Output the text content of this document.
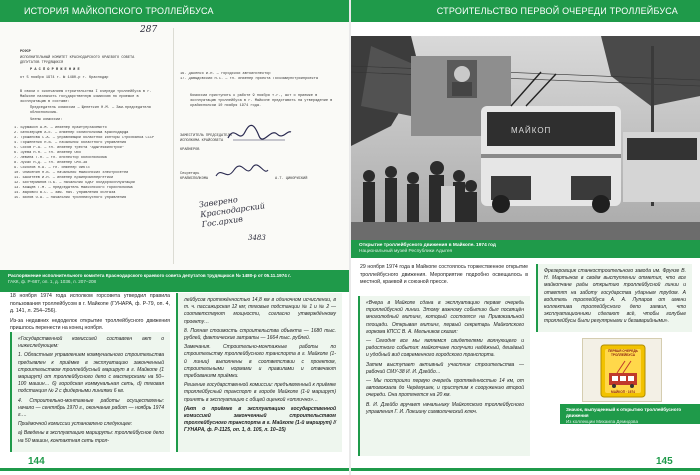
ИСТОРИЯ МАЙКОПСКОГО ТРОЛЛЕЙБУСА	СТРОИТЕЛЬСТВО ПЕРВОЙ ОЧЕРЕДИ ТРОЛЛЕЙБУСА
287
РСФСР
ИСПОЛНИТЕЛЬНЫЙ КОМИТЕТ КРАСНОДАРСКОГО КРАЕВОГО СОВЕТА ДЕПУТАТОВ ТРУДЯЩИХСЯ
Р А С П О Р Я Ж Е Н И Е
от 5 ноября 1974 г. № 1480-р г. Краснодар
В связи с окончанием строительства I очереди троллейбуса в г. Майкопе назначить государственную комиссию по приемке в эксплуатацию в составе:
Председатель комиссии — Щепеткин Н.М. — Зам.председателя облисполкома.
Члены комиссии:
1. Бурмакин А.М. — инженер Крайтупрзаземсто
2. Белозерцев А.Е. — инженер облисполкома Краснодарфа
3. Трошинова С.А. — управляющий областной конторы Стройбанка СССР
4. Горшененко Н.В. — начальник областного управления
5. Сосов Р.А. — гл. инженер треста "Адыгеяжилстрой"
6. Зуева Н.Н. — гл. инженер ОИП
7. Левина Т.Н. — гл. инспектор облисполкома
8. Лукас Н.Д. — гл. инженер СМП-38
9. Соколов Н.А. — гл. инженер ОИКТЗ
10. Оликенин Н.В. — начальник Майкопских электросетей
11. Бакитеев И.Н. — инженер Крайпромэнергетики
12. Бостерманов П.Б. — начальник ОДКУ облдорэксплуатации
13. Кошцев Г.М. — председатель Майкопского горисполкома
14. Жарович В.С. — зам. нач. управления облгаза
15. Волов О.А. — начальник троллейбусного управления
16. Дакенко И.Н. — городской автоинспектор
17. Давыдовский Н.С. — гл. инженер проекта Госкоммунстройпроекта
Комиссии приступить к работе 9 ноября т.г., акт о приемке в эксплуатацию троллейбуса в г. Майкопе представить на утверждение в крайисполком 10 ноября 1974 года.
ЗАМЕСТИТЕЛЬ ПРЕДСЕДАТЕЛЯ ИСПОЛКОМА КРАЙСОВЕТА
КРАЙНЕРОВ
Секретарь
КРАЙИСПОЛКОМА	А.Т. ЦИКОРИСКИЙ
Заверено Краснодарский Гос.архив
3483
Распоряжение исполнительного комитета Краснодарского краевого совета депутатов трудящихся № 1480-р от 05.11.1974 г.
ГАКК, ф. Р-687, оп. 1, д. 1036, л. 207–208

18 ноября 1974 года исполком горсовета утвердил правила пользования троллейбусом в г. Майкопе (ГУНАРА, ф. Р-79, оп. 4, д. 141, л. 254–256).

Из-за недавних недоделок открытие троллейбусного движения пришлось перенести на конец ноября.

«Государственной комиссией составлен акт о нижеследующем:

1. Областным управлением коммунального строительства предъявлен к приёмке в эксплуатацию законченный строительством троллейбусный маршрут в г. Майкопе (1 маршрут) от троллейбусного депо с мастерскими на 50–100 машин… 6) городская коммунальная сеть, d) тяговая подстанция № 2 с фидерными линиями 6 кв.

4. Строительно-монтажные работы осуществлены: начало — сентябрь 1970 г., окончание работ — ноябрь 1974 г.…

Приёмочной комиссии установлено следующее:

а) Введены в эксплуатацию маршруты: троллейбусное депо на 50 машин, контактная сеть трол-

лейбусов протяжённостью 14,8 км в одиночном исчислении, в т. ч. пассажирская 12 км; тяговые подстанции № 1 и № 2 — соответствуют мощности, согласно утверждённому проекту…

8. Полная стоимость строительства объекта — 1680 тыс. рублей, фактические затраты — 1664 тыс. рублей.

Замечания. Строительно-монтажные работы по строительству троллейбусного транспорта в г. Майкопе (1-й линии) выполнены в соответствии с проектом, строительными нормами и правилами и отвечают требованиям приёмки.

Решение государственной комиссии: предъявленный к приёмке троллейбусный транспорт в городе Майкопе (1-й маршрут) принять в эксплуатацию с общей оценкой «отлично»…

(Акт о приёмке в эксплуатацию государственной комиссией законченный строительством троллейбусного транспорта в г. Майкопе (1-й маршрут) // ГУНАРА, ф. Р-1125, оп. 1, д. 105, л. 10–15)

144
МАЙКОП
Открытие троллейбусного движения в Майкопе. 1974 год
Национальный музей Республики Адыгея

29 ноября 1974 года в Майкопе состоялось торжественное открытие троллейбусного движения. Мероприятие подробно освещалось в местной, краевой и союзной прессе.

«Вчера в Майкопе сдана в эксплуатацию первая очередь троллейбусной линии. Этому важному событию был посвящён многолюдный митинг, который состоялся на Привокзальной площади. Открывая митинг, первый секретарь Майкопского горкома КПСС В. А. Мельников сказал:

— Сегодня все мы являемся свидетелями волнующего и радостного события: майкопчане получили надёжный, дешёвый и удобный вид современного городского транспорта.

Затем выступает активный участник строительства — рабочий СМУ-38 И. И. Дзейбо…

— Мы построили первую очередь протяжённостью 14 км, от автовокзала до Черёмушек, и приступим к сооружению второй очереди. Она протянется на 20 км.

В. И. Дзейбо вручает начальнику Майкопского троллейбусного управления Г. И. Локшину символический ключ.

Фрезеровщик станкостроительного завода им. Фрунзе В. Н. Мартынов в своём выступлении отметил, что все майкопчане рады открытию троллейбусной линии и ответят на заботу государства ударным трудом. А водитель троллейбуса А. А. Лупаров от имени коллектива троллейбусного депо заявил, что эксплуатационники сделают всё, чтобы голубые троллейбусы были регулярными и безаварийными».

ПЕРВАЯ ОЧЕРЕДЬ ТРОЛЛЕЙБУСА
МАЙКОП · 1974
Значок, выпущенный к открытию троллейбусного движения
Из коллекции Михаила Демидова
145
